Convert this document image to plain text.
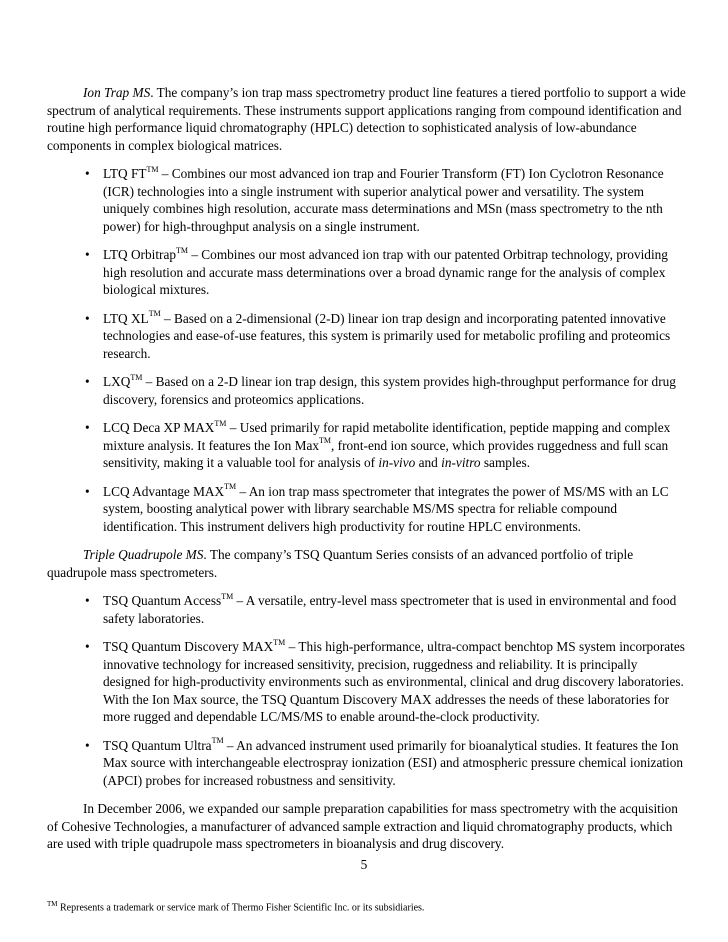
Ion Trap MS. The company’s ion trap mass spectrometry product line features a tiered portfolio to support a wide spectrum of analytical requirements. These instruments support applications ranging from compound identification and routine high performance liquid chromatography (HPLC) detection to sophisticated analysis of low-abundance components in complex biological matrices.

• LTQ FT™ – Combines our most advanced ion trap and Fourier Transform (FT) Ion Cyclotron Resonance (ICR) technologies into a single instrument with superior analytical power and versatility. The system uniquely combines high resolution, accurate mass determinations and MSn (mass spectrometry to the nth power) for high-throughput analysis on a single instrument.
• LTQ Orbitrap™ – Combines our most advanced ion trap with our patented Orbitrap technology, providing high resolution and accurate mass determinations over a broad dynamic range for the analysis of complex biological mixtures.
• LTQ XL™ – Based on a 2-dimensional (2-D) linear ion trap design and incorporating patented innovative technologies and ease-of-use features, this system is primarily used for metabolic profiling and proteomics research.
• LXQ™ – Based on a 2-D linear ion trap design, this system provides high-throughput performance for drug discovery, forensics and proteomics applications.
• LCQ Deca XP MAX™ – Used primarily for rapid metabolite identification, peptide mapping and complex mixture analysis. It features the Ion Max™, front-end ion source, which provides ruggedness and full scan sensitivity, making it a valuable tool for analysis of in-vivo and in-vitro samples.
• LCQ Advantage MAX™ – An ion trap mass spectrometer that integrates the power of MS/MS with an LC system, boosting analytical power with library searchable MS/MS spectra for reliable compound identification. This instrument delivers high productivity for routine HPLC environments.

Triple Quadrupole MS. The company’s TSQ Quantum Series consists of an advanced portfolio of triple quadrupole mass spectrometers.

• TSQ Quantum Access™ – A versatile, entry-level mass spectrometer that is used in environmental and food safety laboratories.
• TSQ Quantum Discovery MAX™ – This high-performance, ultra-compact benchtop MS system incorporates innovative technology for increased sensitivity, precision, ruggedness and reliability. It is principally designed for high-productivity environments such as environmental, clinical and drug discovery laboratories. With the Ion Max source, the TSQ Quantum Discovery MAX addresses the needs of these laboratories for more rugged and dependable LC/MS/MS to enable around-the-clock productivity.
• TSQ Quantum Ultra™ – An advanced instrument used primarily for bioanalytical studies. It features the Ion Max source with interchangeable electrospray ionization (ESI) and atmospheric pressure chemical ionization (APCI) probes for increased robustness and sensitivity.

In December 2006, we expanded our sample preparation capabilities for mass spectrometry with the acquisition of Cohesive Technologies, a manufacturer of advanced sample extraction and liquid chromatography products, which are used with triple quadrupole mass spectrometers in bioanalysis and drug discovery.

™ Represents a trademark or service mark of Thermo Fisher Scientific Inc. or its subsidiaries.
5
